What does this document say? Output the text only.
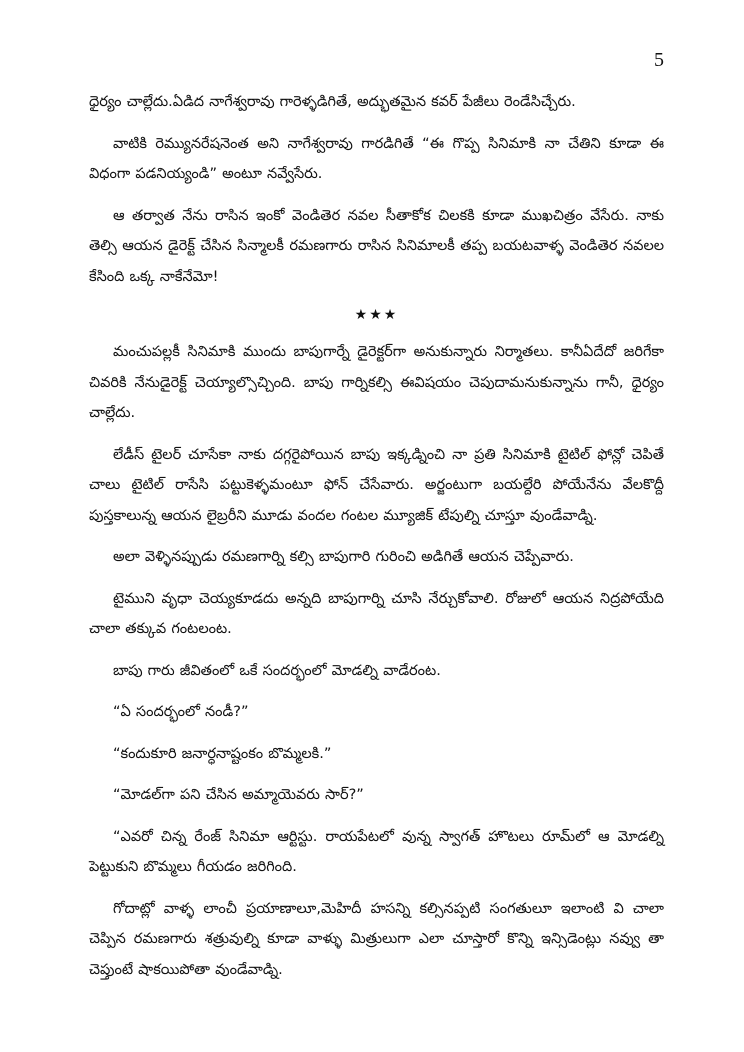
5

ధైర్యం చాల్లేదు.ఏడిద నాగేశ్వరావు గారెళ్ళడిగితే, అద్భుతమైన కవర్ పేజీలు రెండేసిచ్చేరు.

వాటికి రెమ్యునరేషనెంత అని నాగేశ్వరావు గారడిగితే “ఈ గొప్ప సినిమాకి నా చేతిని కూడా ఈ విధంగా పడనియ్యండి” అంటూ నవ్వేసేరు.

ఆ తర్వాత నేను రాసిన ఇంకో వెండితెర నవల సీతాకోక చిలకకి కూడా ముఖచిత్రం వేసేరు. నాకు తెల్సి ఆయన డైరెక్ట్ చేసిన సిన్మాలకీ రమణగారు రాసిన సినిమాలకీ తప్ప బయటవాళ్ళ వెండితెర నవలల కేసింది ఒక్క నాకేనేమో!

★★★

మంచుపల్లకీ సినిమాకి ముందు బాపుగార్నే డైరెక్టర్‌గా అనుకున్నారు నిర్మాతలు. కానీఏదేదో జరిగేకా చివరికి నేనుడైరెక్ట్ చెయ్యాల్సొచ్చింది. బాపు గార్నికల్సి ఈవిషయం చెపుదామనుకున్నాను గానీ, ధైర్యం చాల్లేదు.

లేడీస్ టైలర్ చూసేకా నాకు దగ్గరైపోయిన బాపు ఇక్కడ్నించి నా ప్రతి సినిమాకి టైటిల్ ఫోన్లో చెపితే చాలు టైటిల్ రాసేసి పట్టుకెళ్ళమంటూ ఫోన్ చేసేవారు. అర్జంటుగా బయల్దేరి పోయేనేను వేలకొద్దీ పుస్తకాలున్న ఆయన లైబ్రరీని మూడు వందల గంటల మ్యూజిక్ టేపుల్ని చూస్తూ వుండేవాడ్ని.

అలా వెళ్ళినప్పుడు రమణగార్ని కల్సి బాపుగారి గురించి అడిగితే ఆయన చెప్పేవారు.

టైముని వృధా చెయ్యకూడదు అన్నది బాపుగార్ని చూసి నేర్చుకోవాలి. రోజులో ఆయన నిద్రపోయేది చాలా తక్కువ గంటలంట.

బాపు గారు జీవితంలో ఒకే సందర్భంలో మోడల్ని వాడేరంట.

“ఏ సందర్భంలో నండీ?”

“కందుకూరి జనార్ధనాష్టంకం బొమ్మలకి.”

“మోడల్‌గా పని చేసిన అమ్మాయెవరు సార్?”

“ఎవరో చిన్న రేంజ్ సినిమా ఆర్టిస్టు. రాయపేటలో వున్న స్వాగత్ హొటలు రూమ్‌లో ఆ మోడల్ని పెట్టుకుని బొమ్మలు గీయడం జరిగింది.

గోదాట్లో వాళ్ళ లాంచీ ప్రయాణాలూ,మెహిదీ హసన్ని కల్సినప్పటి సంగతులూ ఇలాంటి వి చాలా చెప్పిన రమణగారు శత్రువుల్ని కూడా వాళ్ళు మిత్రులుగా ఎలా చూస్తారో కొన్ని ఇన్సిడెంట్లు నవ్వు తా చెప్తుంటే షాకయిపోతా వుండేవాడ్ని.
